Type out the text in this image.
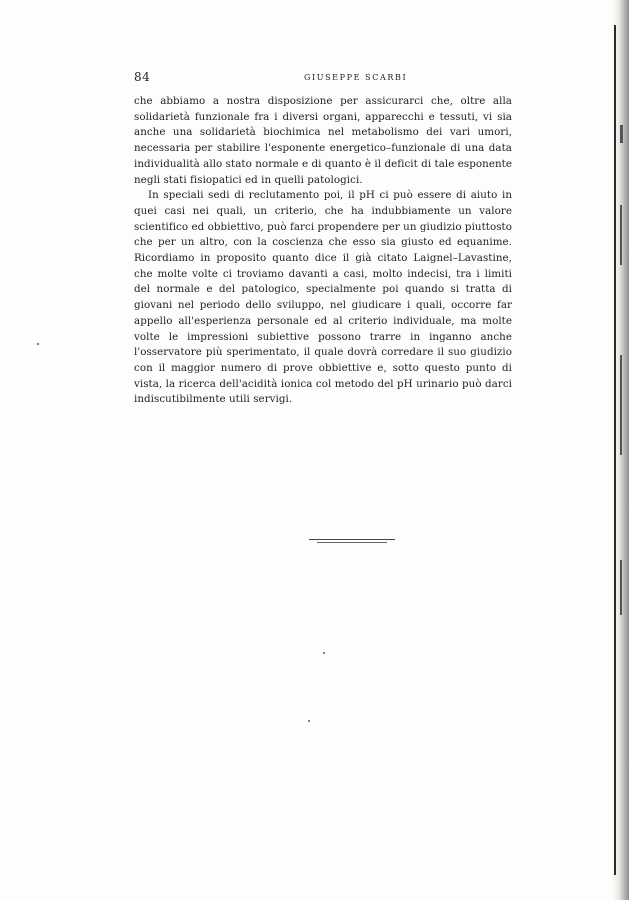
84	GIUSEPPE SCARBI

che abbiamo a nostra disposizione per assicurarci che, oltre alla solidarietà funzionale fra i diversi organi, apparecchi e tessuti, vi sia anche una solidarietà biochimica nel metabolismo dei vari umori, necessaria per stabilire l'esponente energetico–funzionale di una data individualità allo stato normale e di quanto è il deficit di tale esponente negli stati fisiopatici ed in quelli patologici.

In speciali sedi di reclutamento poi, il pH ci può essere di aiuto in quei casi nei quali, un criterio, che ha indubbiamente un valore scientifico ed obbiettivo, può farci propendere per un giudizio piuttosto che per un altro, con la coscienza che esso sia giusto ed equanime. Ricordiamo in proposito quanto dice il già citato Laignel–Lavastine, che molte volte ci troviamo davanti a casi, molto indecisi, tra i limiti del normale e del patologico, specialmente poi quando si tratta di giovani nel periodo dello sviluppo, nel giudicare i quali, occorre far appello all'esperienza personale ed al criterio individuale, ma molte volte le impressioni subiettive possono trarre in inganno anche l'osservatore più sperimentato, il quale dovrà corredare il suo giudizio con il maggior numero di prove obbiettive e, sotto questo punto di vista, la ricerca dell'acidità ionica col metodo del pH urinario può darci indiscutibilmente utili servigi.
